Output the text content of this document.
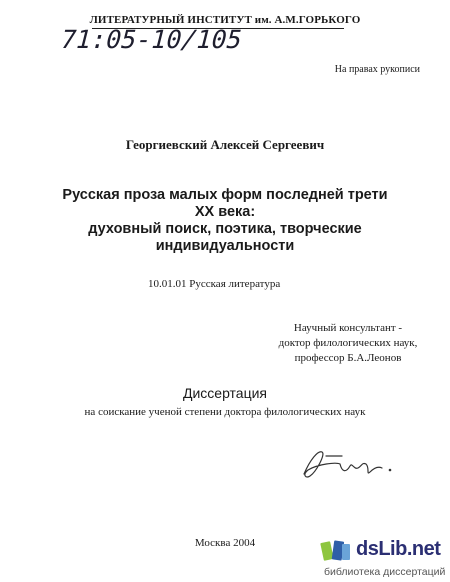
ЛИТЕРАТУРНЫЙ ИНСТИТУТ им. А.М.ГОРЬКОГО
71:05-10/105
На правах рукописи
Георгиевский Алексей Сергеевич
Русская проза малых форм последней трети
XX века:
духовный поиск, поэтика, творческие
индивидуальности
10.01.01 Русская литература
Научный консультант -
доктор филологических наук,
профессор Б.А.Леонов
Диссертация
на соискание ученой степени доктора филологических наук
Москва 2004	dsLib.net
библиотека диссертаций
